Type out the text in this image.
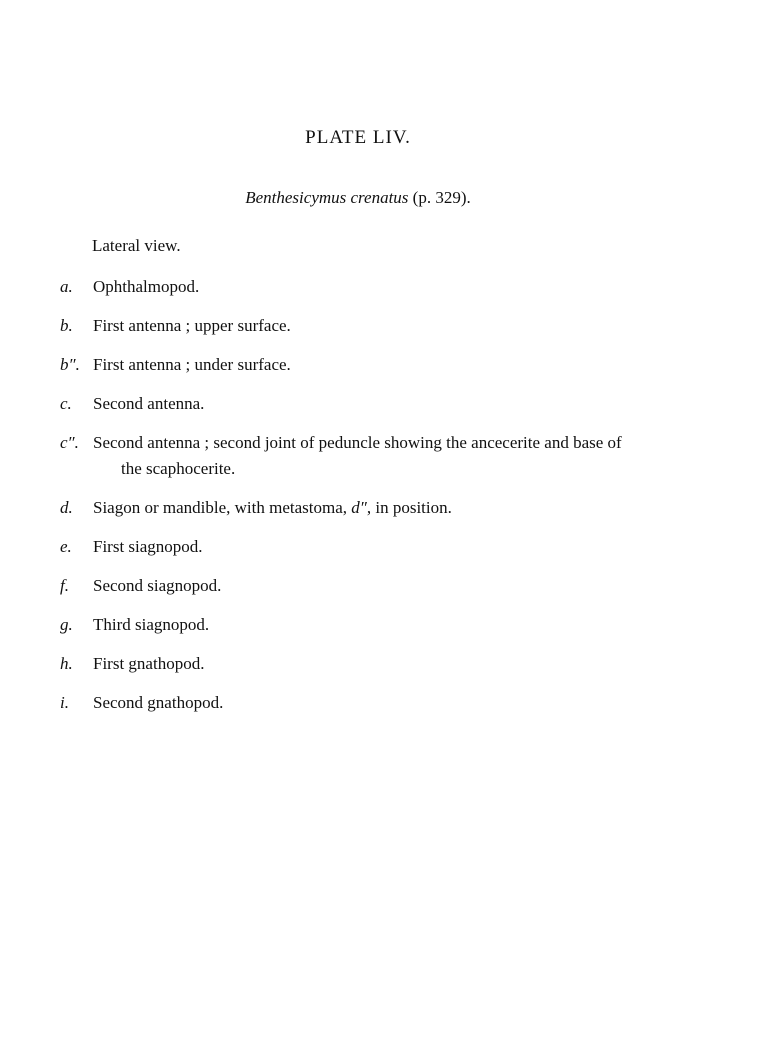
PLATE LIV.
Benthesicymus crenatus (p. 329).
Lateral view.
a.	Ophthalmopod.
b.	First antenna ; upper surface.
b″. First antenna ; under surface.
c.	Second antenna.
c″. Second antenna ; second joint of peduncle showing the ancecerite and base of
the scaphocerite.
d.	Siagon or mandible, with metastoma, d″, in position.
e.	First siagnopod.
f.	Second siagnopod.
g.	Third siagnopod.
h.	First gnathopod.
i.	Second gnathopod.
